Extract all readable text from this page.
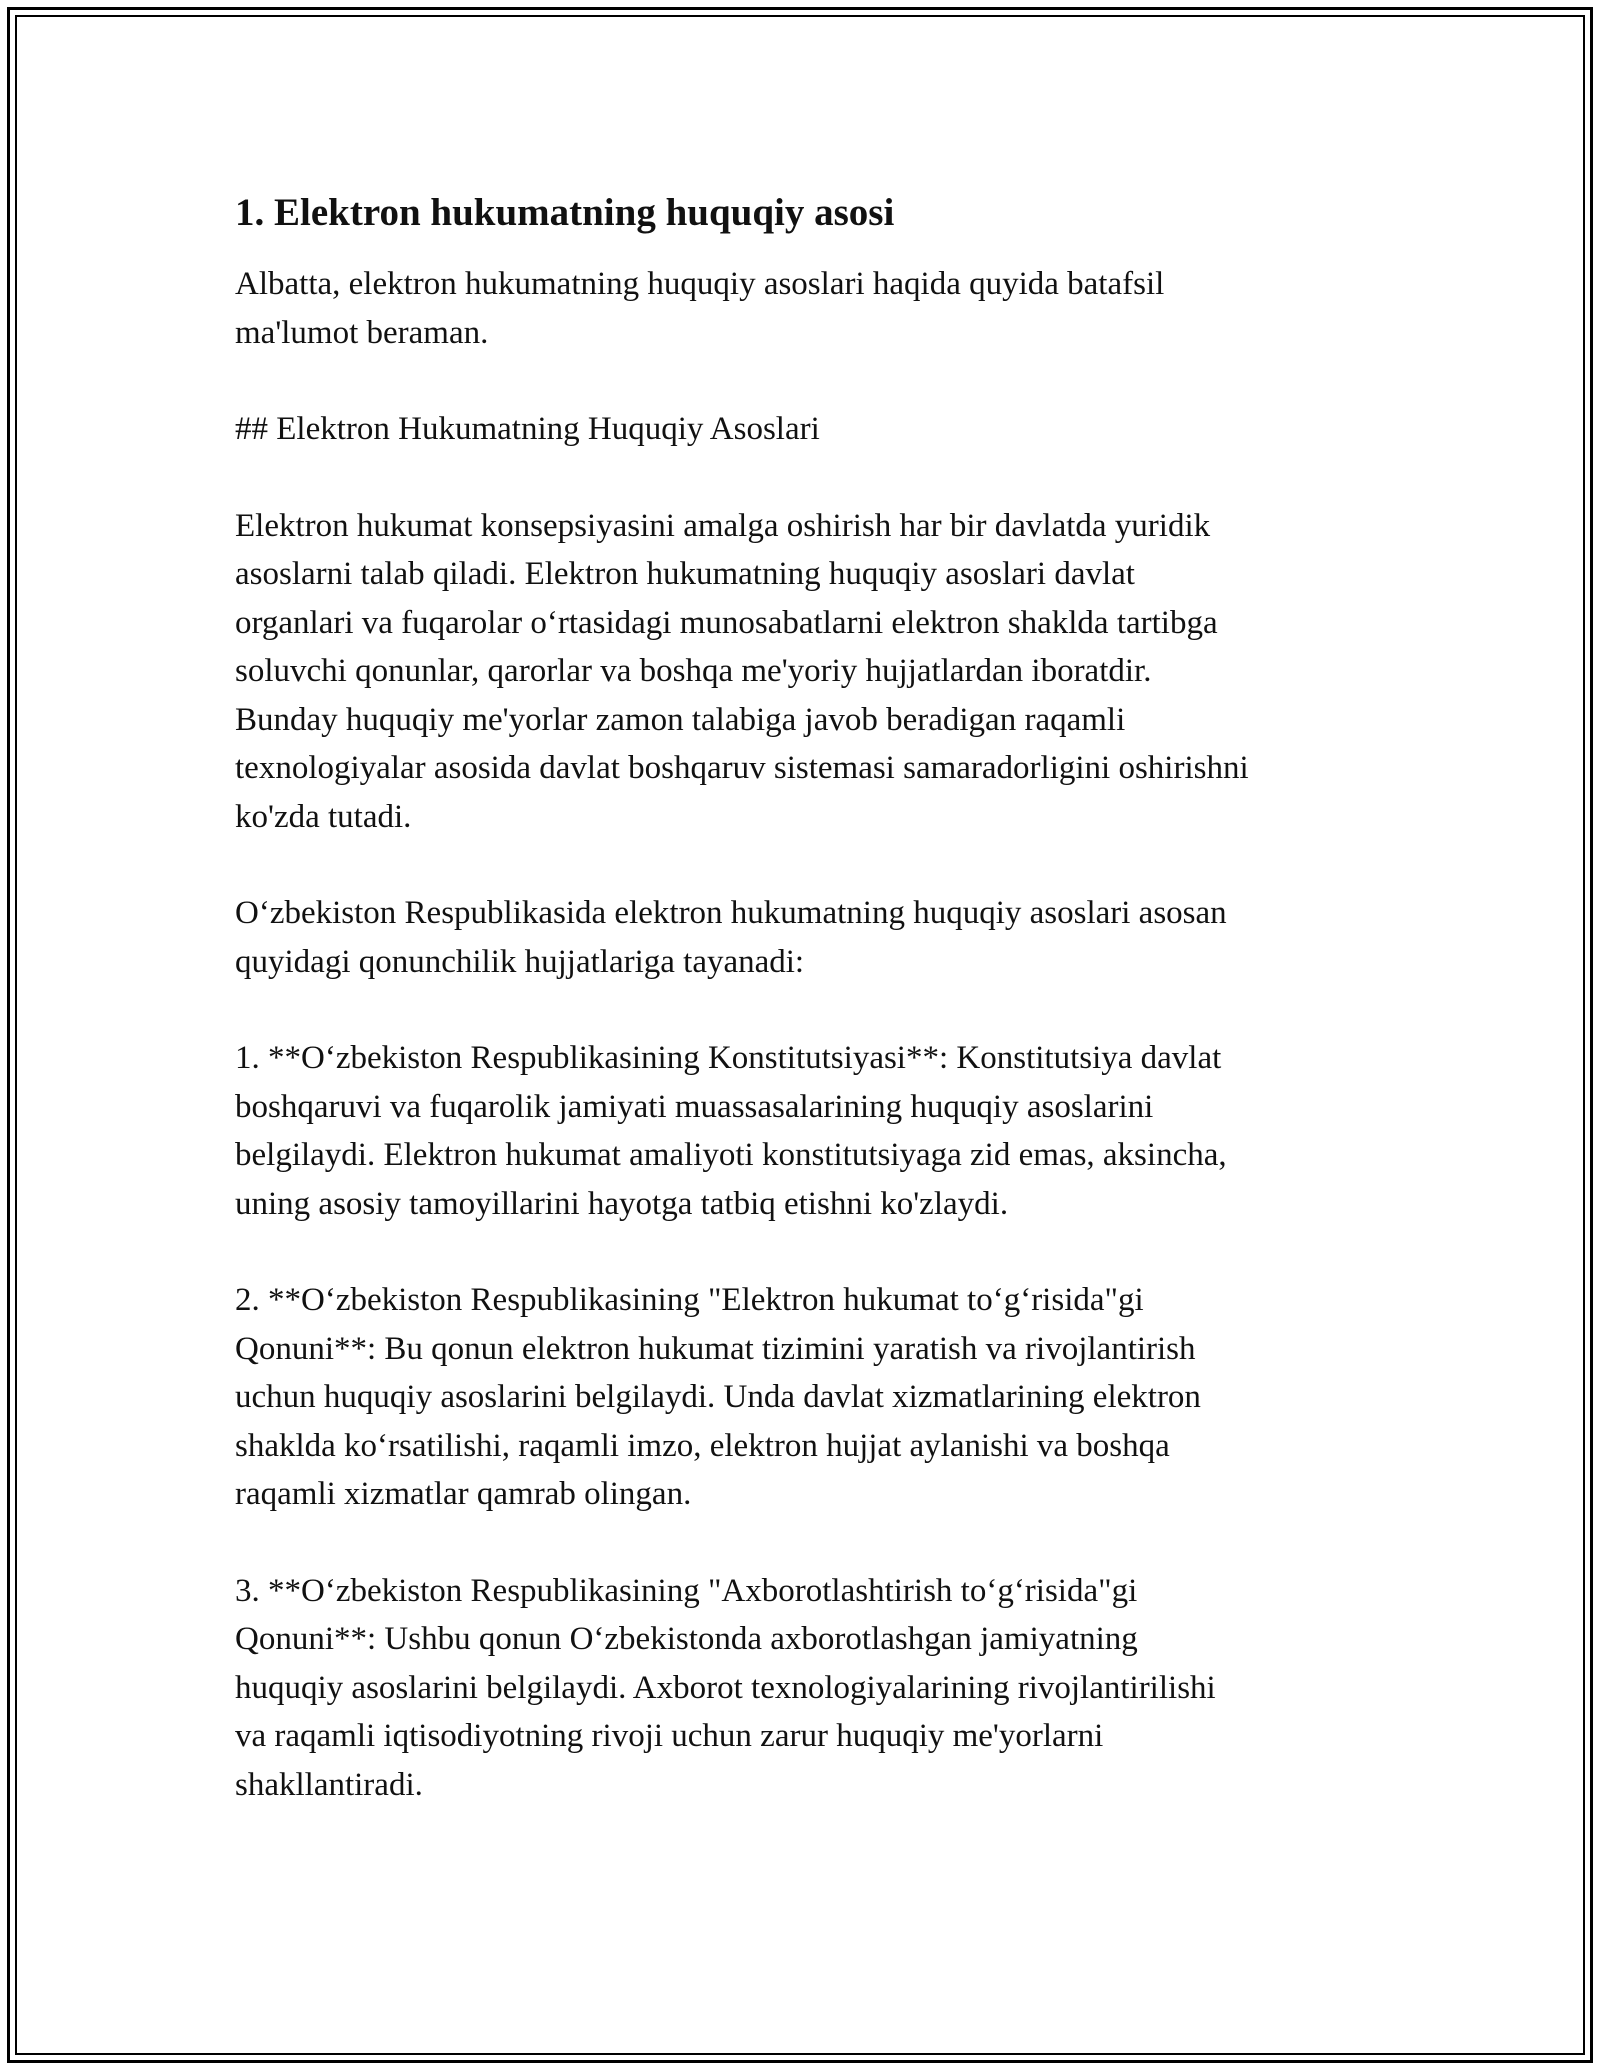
1. Elektron hukumatning huquqiy asosi

Albatta, elektron hukumatning huquqiy asoslari haqida quyida batafsil
ma'lumot beraman.

## Elektron Hukumatning Huquqiy Asoslari

Elektron hukumat konsepsiyasini amalga oshirish har bir davlatda yuridik
asoslarni talab qiladi. Elektron hukumatning huquqiy asoslari davlat
organlari va fuqarolar o‘rtasidagi munosabatlarni elektron shaklda tartibga
soluvchi qonunlar, qarorlar va boshqa me'yoriy hujjatlardan iboratdir.
Bunday huquqiy me'yorlar zamon talabiga javob beradigan raqamli
texnologiyalar asosida davlat boshqaruv sistemasi samaradorligini oshirishni
ko'zda tutadi.

O‘zbekiston Respublikasida elektron hukumatning huquqiy asoslari asosan
quyidagi qonunchilik hujjatlariga tayanadi:

1. **O‘zbekiston Respublikasining Konstitutsiyasi**: Konstitutsiya davlat
boshqaruvi va fuqarolik jamiyati muassasalarining huquqiy asoslarini
belgilaydi. Elektron hukumat amaliyoti konstitutsiyaga zid emas, aksincha,
uning asosiy tamoyillarini hayotga tatbiq etishni ko'zlaydi.

2. **O‘zbekiston Respublikasining "Elektron hukumat to‘g‘risida"gi
Qonuni**: Bu qonun elektron hukumat tizimini yaratish va rivojlantirish
uchun huquqiy asoslarini belgilaydi. Unda davlat xizmatlarining elektron
shaklda ko‘rsatilishi, raqamli imzo, elektron hujjat aylanishi va boshqa
raqamli xizmatlar qamrab olingan.

3. **O‘zbekiston Respublikasining "Axborotlashtirish to‘g‘risida"gi
Qonuni**: Ushbu qonun O‘zbekistonda axborotlashgan jamiyatning
huquqiy asoslarini belgilaydi. Axborot texnologiyalarining rivojlantirilishi
va raqamli iqtisodiyotning rivoji uchun zarur huquqiy me'yorlarni
shakllantiradi.
